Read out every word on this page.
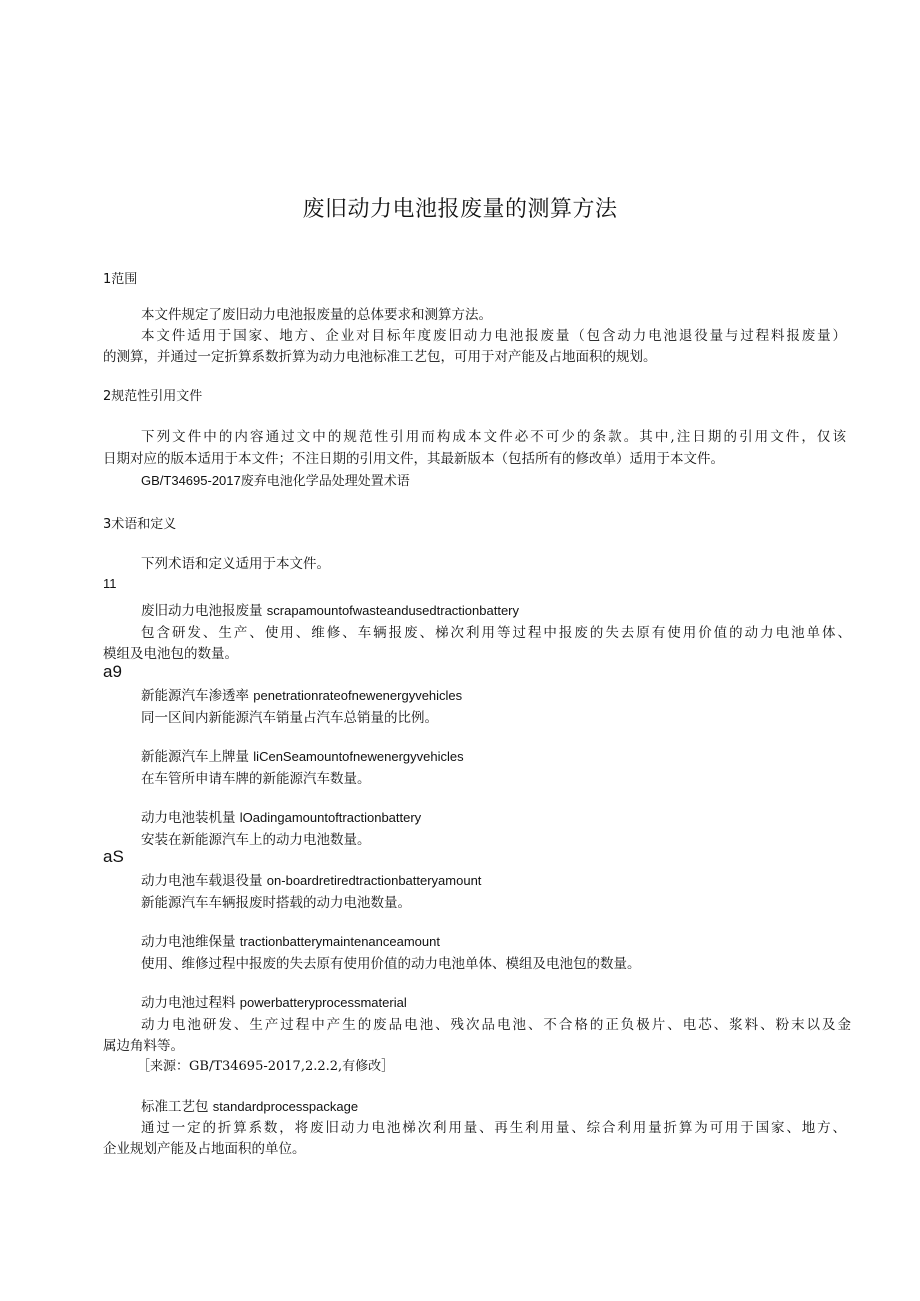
废旧动力电池报废量的测算方法
1范围
本文件规定了废旧动力电池报废量的总体要求和测算方法。
本文件适用于国家、地方、企业对目标年度废旧动力电池报废量（包含动力电池退役量与过程料报废量）
的测算，并通过一定折算系数折算为动力电池标准工艺包，可用于对产能及占地面积的规划。
2规范性引用文件
下列文件中的内容通过文中的规范性引用而构成本文件必不可少的条款。其中,注日期的引用文件，仅该
日期对应的版本适用于本文件；不注日期的引用文件，其最新版本（包括所有的修改单）适用于本文件。
GB/T34695-2017废弃电池化学品处理处置术语
3术语和定义
下列术语和定义适用于本文件。
11
废旧动力电池报废量 scrapamountofwasteandusedtractionbattery
包含研发、生产、使用、维修、车辆报废、梯次利用等过程中报废的失去原有使用价值的动力电池单体、
模组及电池包的数量。
a9
新能源汽车渗透率 penetrationrateofnewenergyvehicles
同一区间内新能源汽车销量占汽车总销量的比例。
新能源汽车上牌量 liCenSeamountofnewenergyvehicles
在车管所申请车牌的新能源汽车数量。
动力电池装机量 lOadingamountoftractionbattery
安装在新能源汽车上的动力电池数量。
aS
动力电池车载退役量 on-boardretiredtractionbatteryamount
新能源汽车车辆报废时搭载的动力电池数量。
动力电池维保量 tractionbatterymaintenanceamount
使用、维修过程中报废的失去原有使用价值的动力电池单体、模组及电池包的数量。
动力电池过程料 powerbatteryprocessmaterial
动力电池研发、生产过程中产生的废品电池、残次品电池、不合格的正负极片、电芯、浆料、粉末以及金
属边角料等。
［来源：GB/T34695-2017,2.2.2,有修改］
标准工艺包 standardprocesspackage
通过一定的折算系数，将废旧动力电池梯次利用量、再生利用量、综合利用量折算为可用于国家、地方、
企业规划产能及占地面积的单位。
